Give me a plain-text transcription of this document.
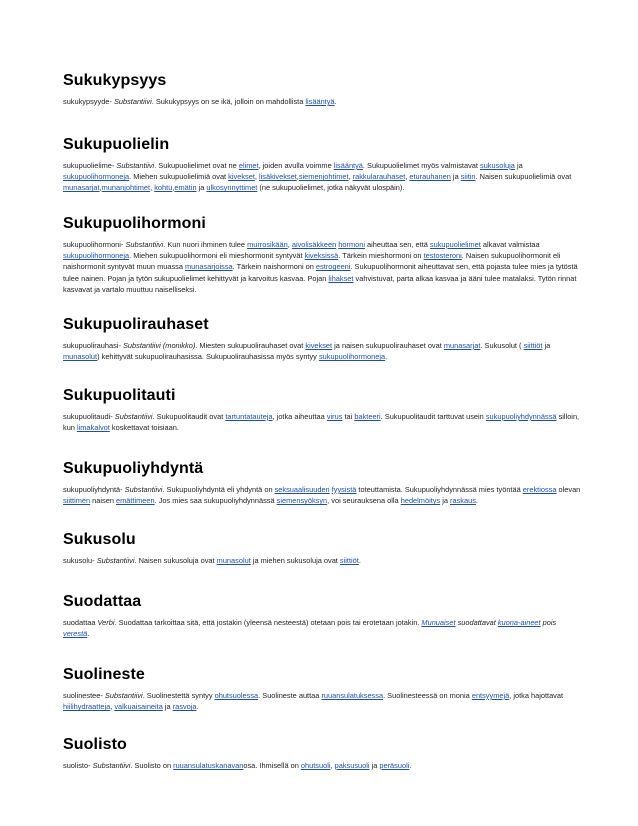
Sukukypsyys

sukukypsyyde- Substantiivi. Sukukypsyys on se ikä, jolloin on mahdollista lisääntyä.

Sukupuolielin

sukupuolielime- Substantiivi. Sukupuolielimet ovat ne elimet, joiden avulla voimme lisääntyä. Sukupuolielimet myös valmistavat sukusoluja ja sukupuolihormoneja. Miehen sukupuolielimiä ovat kivekset, lisäkivekset,siemenjohtimet, rakkularauhaset, eturauhanen ja siitin. Naisen sukupuolielimiä ovat munasarjat,munanjohtimet, kohtu,emätin ja ulkosynnyttimet (ne sukupuolielimet, jotka näkyvät ulospäin).

Sukupuolihormoni

sukupuolihormoni- Substantiivi. Kun nuori ihminen tulee murrosikään, aivolisäkkeen hormoni aiheuttaa sen, että sukupuolielimet alkavat valmistaa sukupuolihormoneja. Miehen sukupuolihormoni eli mieshormonit syntyvät kiveksissä. Tärkein mieshormoni on testosteroni. Naisen sukupuolihormonit eli naishormonit syntyvät muun muassa munasarjoissa. Tärkein naishormoni on estrogeeni. Sukupuolihormonit aiheuttavat sen, että pojasta tulee mies ja tytöstä tulee nainen. Pojan ja tytön sukupuolielimet kehittyvät ja karvoitus kasvaa. Pojan lihakset vahvistuvat, parta alkaa kasvaa ja ääni tulee matalaksi. Tytön rinnat kasvavat ja vartalo muuttuu naiselliseksi.

Sukupuolirauhaset

sukupuolirauhasi- Substantiivi (monikko). Miesten sukupuolirauhaset ovat kivekset ja naisen sukupuolirauhaset ovat munasarjat. Sukusolut ( siittiöt ja munasolut) kehittyvät sukupuolirauhasissa. Sukupuolirauhasissa myös syntyy sukupuolihormoneja.

Sukupuolitauti

sukupuolitaudi- Substantiivi. Sukupuolitaudit ovat tartuntatauteja, jotka aiheuttaa virus tai bakteeri. Sukupuolitaudit tarttuvat usein sukupuoliyhdynnässä silloin, kun limakalvot koskettavat toisiaan.

Sukupuoliyhdyntä

sukupuoliyhdyntä- Substantiivi. Sukupuoliyhdyntä eli yhdyntä on seksuaalisuuden fyysistä toteuttamista. Sukupuoliyhdynnässä mies työntää erektiossa olevan siittimen naisen emättimeen. Jos mies saa sukupuoliyhdynnässä siemensyöksyn, voi seurauksena olla hedelmöitys ja raskaus.

Sukusolu

sukusolu- Substantiivi. Naisen sukusoluja ovat munasolut ja miehen sukusoluja ovat siittiöt.

Suodattaa

suodattaa Verbi. Suodattaa tarkoittaa sitä, että jostakin (yleensä nesteestä) otetaan pois tai erotetaan jotakin. Munuaiset suodattavat kuona-aineet pois verestä.

Suolineste

suolinestee- Substantiivi. Suolinestettä syntyy ohutsuolessa. Suolineste auttaa ruuansulatuksessa. Suolinesteessä on monia entsyymejä, jotka hajottavat hiilihydraatteja, valkuaisaineita ja rasvoja.

Suolisto

suolisto- Substantiivi. Suolisto on ruuansulatuskanavanosa. Ihmisellä on ohutsuoli, paksusuoli ja peräsuoli.
